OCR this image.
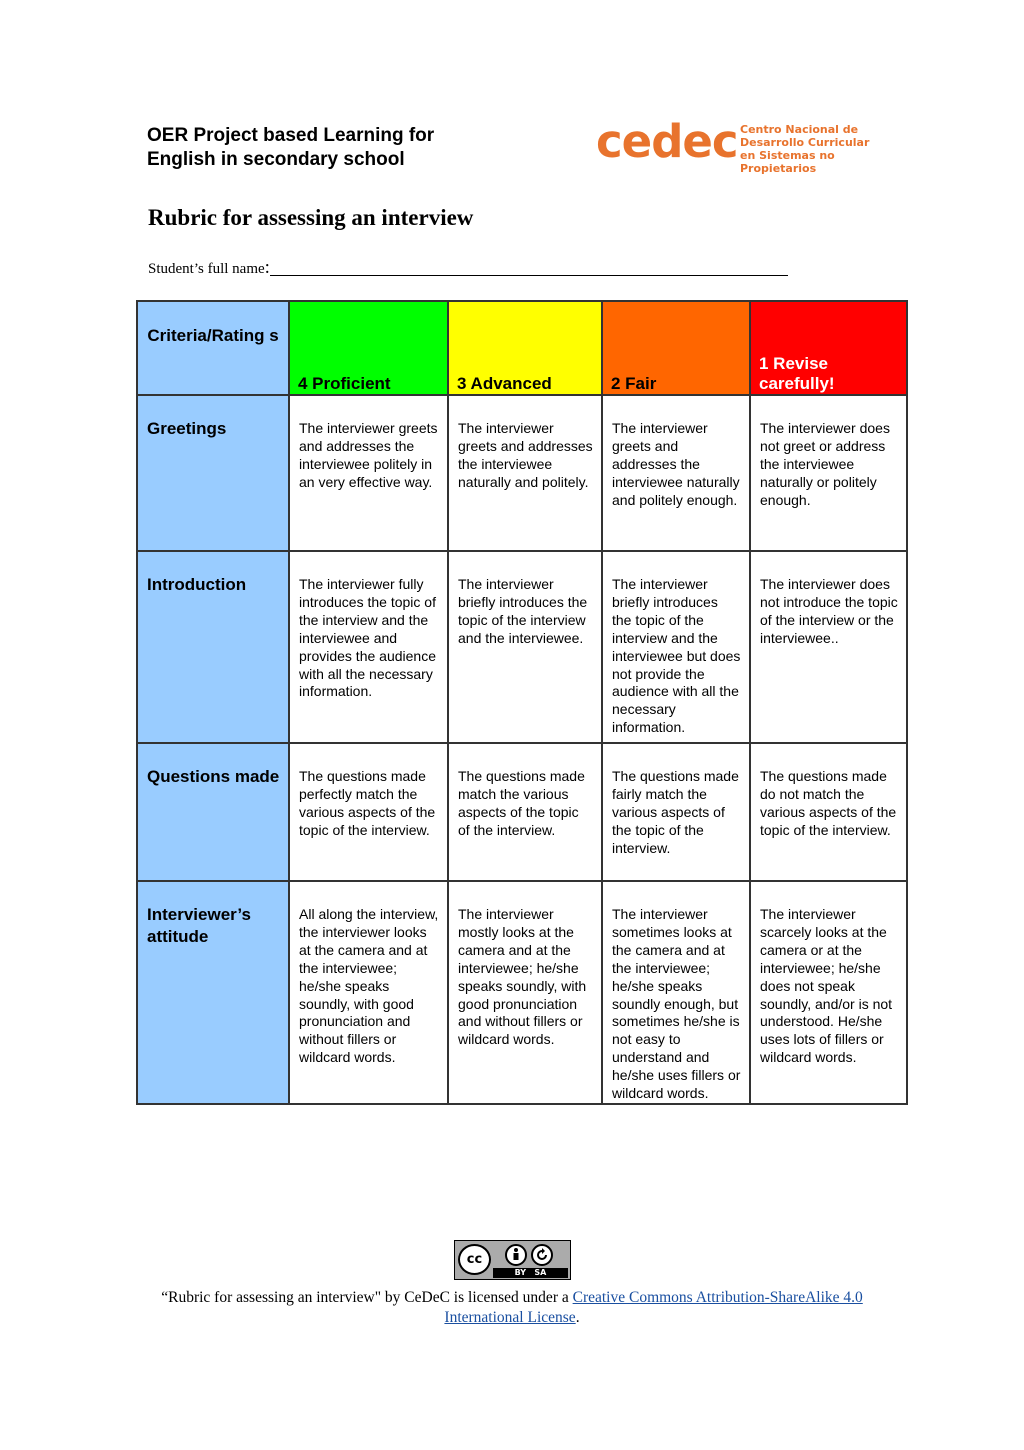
OER Project based Learning for
English in secondary school	cedec Centro Nacional de
Desarrollo Curricular
en Sistemas no Propietarios
Rubric for assessing an interview
Student’s full name:
Criteria/Rating s	4 Proficient	3 Advanced	2 Fair	1 Revise carefully!
Greetings	The interviewer greets and addresses the interviewee politely in an very effective way.	The interviewer greets and addresses the interviewee naturally and politely.	The interviewer greets and addresses the interviewee naturally and politely enough.	The interviewer does not greet or address the interviewee naturally or politely enough.
Introduction	The interviewer fully introduces the topic of the interview and the interviewee and provides the audience with all the necessary information.	The interviewer briefly introduces the topic of the interview and the interviewee.	The interviewer briefly introduces the topic of the interview and the interviewee but does not provide the audience with all the necessary information.	The interviewer does not introduce the topic of the interview or the interviewee..
Questions made	The questions made perfectly match the various aspects of the topic of the interview.	The questions made match the various aspects of the topic of the interview.	The questions made fairly match the various aspects of the topic of the interview.	The questions made do not match the various aspects of the topic of the interview.
Interviewer’s attitude	All along the interview, the interviewer looks at the camera and at the interviewee; he/she speaks soundly, with good pronunciation and without fillers or wildcard words.	The interviewer mostly looks at the camera and at the interviewee; he/she speaks soundly, with good pronunciation and without fillers or wildcard words.	The interviewer sometimes looks at the camera and at the interviewee; he/she speaks soundly enough, but sometimes he/she is not easy to understand and he/she uses fillers or wildcard words.	The interviewer scarcely looks at the camera or at the interviewee; he/she does not speak soundly, and/or is not understood. He/she uses lots of fillers or wildcard words.
cc
BY SA
“Rubric for assessing an interview" by CeDeC is licensed under a Creative Commons Attribution-ShareAlike 4.0 International License.
